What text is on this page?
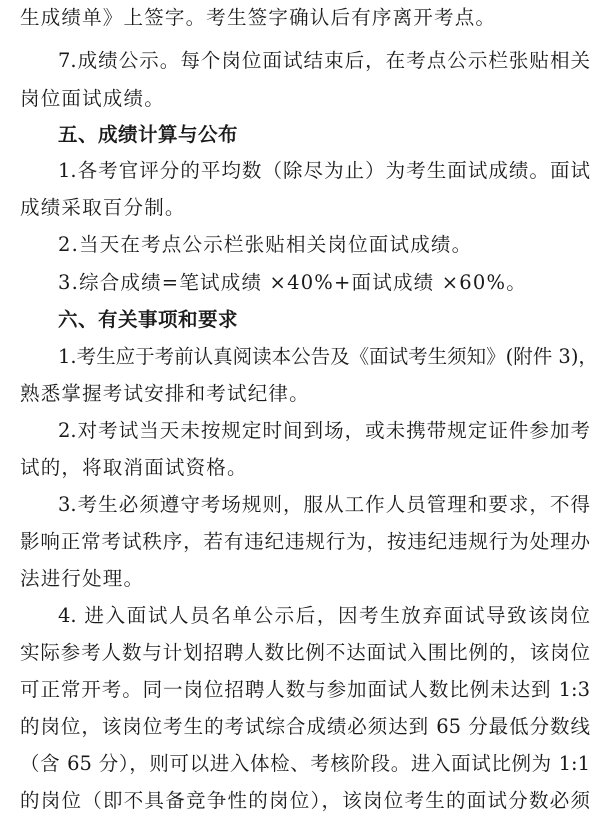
生成绩单》上签字。考生签字确认后有序离开考点。
7.成绩公示。每个岗位面试结束后，在考点公示栏张贴相关
岗位面试成绩。
五、成绩计算与公布
1.各考官评分的平均数（除尽为止）为考生面试成绩。面试
成绩采取百分制。
2.当天在考点公示栏张贴相关岗位面试成绩。
3.综合成绩=笔试成绩 ×40%+面试成绩 ×60%。
六、有关事项和要求
1.考生应于考前认真阅读本公告及《面试考生须知》(附件 3)，
熟悉掌握考试安排和考试纪律。
2.对考试当天未按规定时间到场，或未携带规定证件参加考
试的，将取消面试资格。
3.考生必须遵守考场规则，服从工作人员管理和要求，不得
影响正常考试秩序，若有违纪违规行为，按违纪违规行为处理办
法进行处理。
4. 进入面试人员名单公示后，因考生放弃面试导致该岗位
实际参考人数与计划招聘人数比例不达面试入围比例的，该岗位
可正常开考。同一岗位招聘人数与参加面试人数比例未达到 1:3
的岗位，该岗位考生的考试综合成绩必须达到 65 分最低分数线
（含 65 分），则可以进入体检、考核阶段。进入面试比例为 1:1
的岗位（即不具备竞争性的岗位），该岗位考生的面试分数必须
